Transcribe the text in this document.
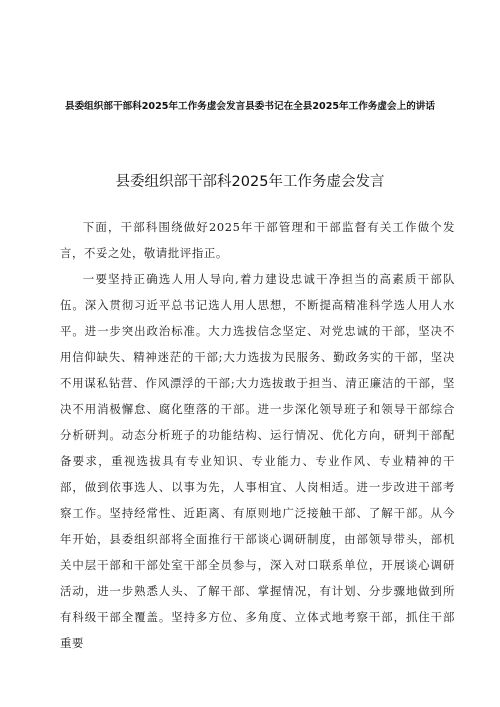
县委组织部干部科2025年工作务虚会发言县委书记在全县2025年工作务虚会上的讲话
县委组织部干部科2025年工作务虚会发言

下面，干部科围绕做好2025年干部管理和干部监督有关工作做个发言，不妥之处，敬请批评指正。

一要坚持正确选人用人导向,着力建设忠诚干净担当的高素质干部队伍。深入贯彻习近平总书记选人用人思想，不断提高精准科学选人用人水平。进一步突出政治标准。大力选拔信念坚定、对党忠诚的干部，坚决不用信仰缺失、精神迷茫的干部;大力选拔为民服务、勤政务实的干部，坚决不用谋私钻营、作风漂浮的干部;大力选拔敢于担当、清正廉洁的干部，坚决不用消极懈怠、腐化堕落的干部。进一步深化领导班子和领导干部综合分析研判。动态分析班子的功能结构、运行情况、优化方向，研判干部配备要求，重视选拔具有专业知识、专业能力、专业作风、专业精神的干部，做到依事选人、以事为先，人事相宜、人岗相适。进一步改进干部考察工作。坚持经常性、近距离、有原则地广泛接触干部、了解干部。从今年开始，县委组织部将全面推行干部谈心调研制度，由部领导带头，部机关中层干部和干部处室干部全员参与，深入对口联系单位，开展谈心调研活动，进一步熟悉人头、了解干部、掌握情况，有计划、分步骤地做到所有科级干部全覆盖。坚持多方位、多角度、立体式地考察干部，抓住干部重要
